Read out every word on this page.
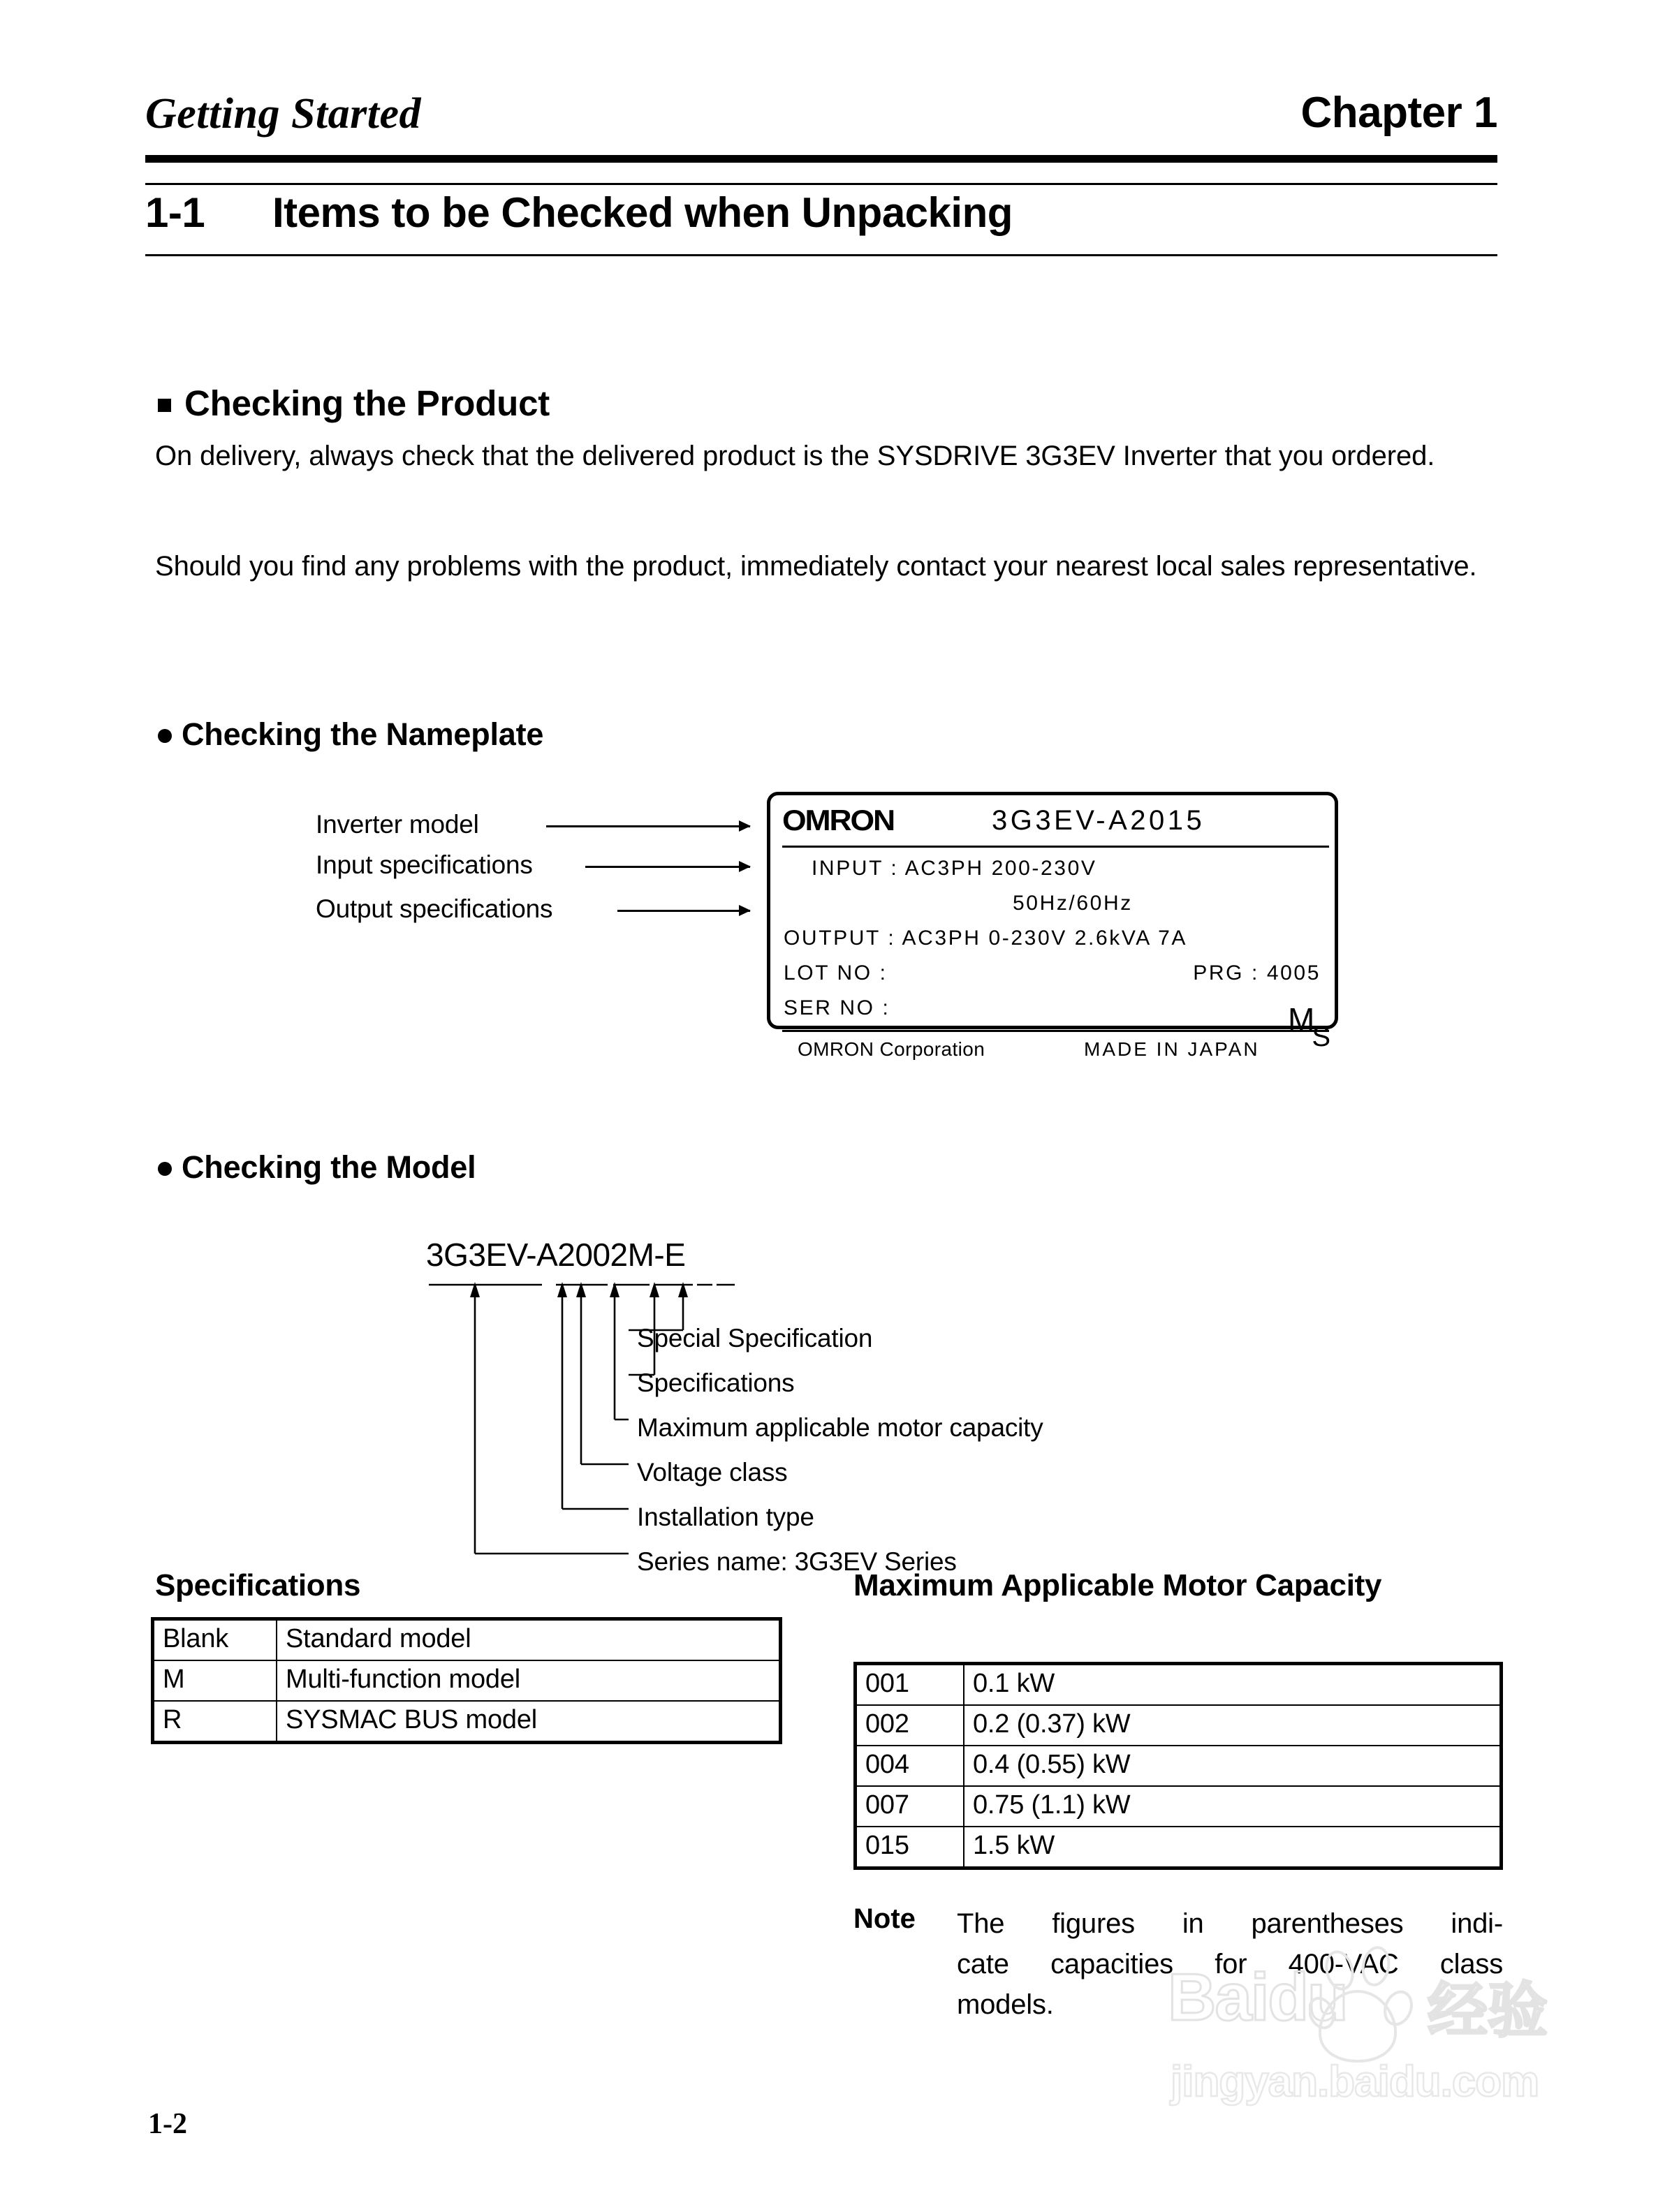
Getting Started	Chapter 1
1-1 Items to be Checked when Unpacking
Checking the Product
On delivery, always check that the delivered product is the SYSDRIVE 3G3EV Inverter that you ordered.
Should you find any problems with the product, immediately contact your nearest local sales representative.
Checking the Nameplate
Inverter model
Input specifications
Output specifications
OMRON	3G3EV-A2015
INPUT : AC3PH 200-230V
50Hz/60Hz
OUTPUT : AC3PH 0-230V 2.6kVA 7A
LOT NO :	PRG : 4005
SER NO :
OMRON Corporation	MADE IN JAPAN
MS
Checking the Model
3G3EV-A2002M-E
Special Specification
Specifications
Maximum applicable motor capacity
Voltage class
Installation type
Series name: 3G3EV Series
Specifications
Blank	Standard model
M	Multi-function model
R	SYSMAC BUS model
Maximum Applicable Motor Capacity
001	0.1 kW
002	0.2 (0.37) kW
004	0.4 (0.55) kW
007	0.75 (1.1) kW
015	1.5 kW
Note The figures in parentheses indi-
cate capacities for 400-VAC class
models.
1-2
Baidu 经验
jingyan.baidu.com
